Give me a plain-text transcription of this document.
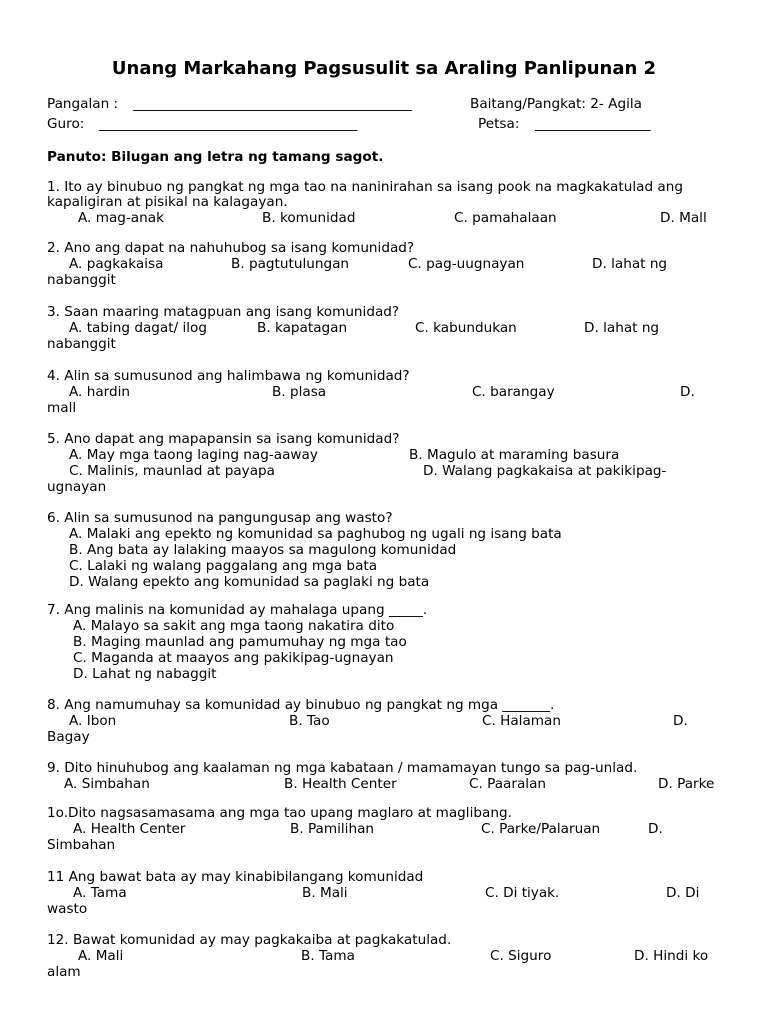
Unang Markahang Pagsusulit sa Araling Panlipunan 2
Pangalan : _________________________________________	Baitang/Pangkat: 2- Agila
Guro: ______________________________________	Petsa: _________________
Panuto: Bilugan ang letra ng tamang sagot.
1. Ito ay binubuo ng pangkat ng mga tao na naninirahan sa isang pook na magkakatulad ang kapaligiran at pisikal na kalagayan.
A. mag-anak	B. komunidad	C. pamahalaan	D. Mall
2. Ano ang dapat na nahuhubog sa isang komunidad?
A. pagkakaisa	B. pagtutulungan	C. pag-uugnayan	D. lahat ng
nabanggit
3. Saan maaring matagpuan ang isang komunidad?
A. tabing dagat/ ilog	B. kapatagan	C. kabundukan	D. lahat ng
nabanggit
4. Alin sa sumusunod ang halimbawa ng komunidad?
A. hardin	B. plasa	C. barangay	D.
mall
5. Ano dapat ang mapapansin sa isang komunidad?
A. May mga taong laging nag-aaway	B. Magulo at maraming basura
C. Malinis, maunlad at payapa	D. Walang pagkakaisa at pakikipag-
ugnayan
6. Alin sa sumusunod na pangungusap ang wasto?
A. Malaki ang epekto ng komunidad sa paghubog ng ugali ng isang bata
B. Ang bata ay lalaking maayos sa magulong komunidad
C. Lalaki ng walang paggalang ang mga bata
D. Walang epekto ang komunidad sa paglaki ng bata
7. Ang malinis na komunidad ay mahalaga upang _____.
A. Malayo sa sakit ang mga taong nakatira dito
B. Maging maunlad ang pamumuhay ng mga tao
C. Maganda at maayos ang pakikipag-ugnayan
D. Lahat ng nabaggit
8. Ang namumuhay sa komunidad ay binubuo ng pangkat ng mga _______.
A. Ibon	B. Tao	C. Halaman	D.
Bagay
9. Dito hinuhubog ang kaalaman ng mga kabataan / mamamayan tungo sa pag-unlad.
A. Simbahan	B. Health Center	C. Paaralan	D. Parke
1o.Dito nagsasamasama ang mga tao upang maglaro at maglibang.
A. Health Center	B. Pamilihan	C. Parke/Palaruan	D.
Simbahan
11 Ang bawat bata ay may kinabibilangang komunidad
A. Tama	B. Mali	C. Di tiyak.	D. Di
wasto
12. Bawat komunidad ay may pagkakaiba at pagkakatulad.
A. Mali	B. Tama	C. Siguro	D. Hindi ko
alam
